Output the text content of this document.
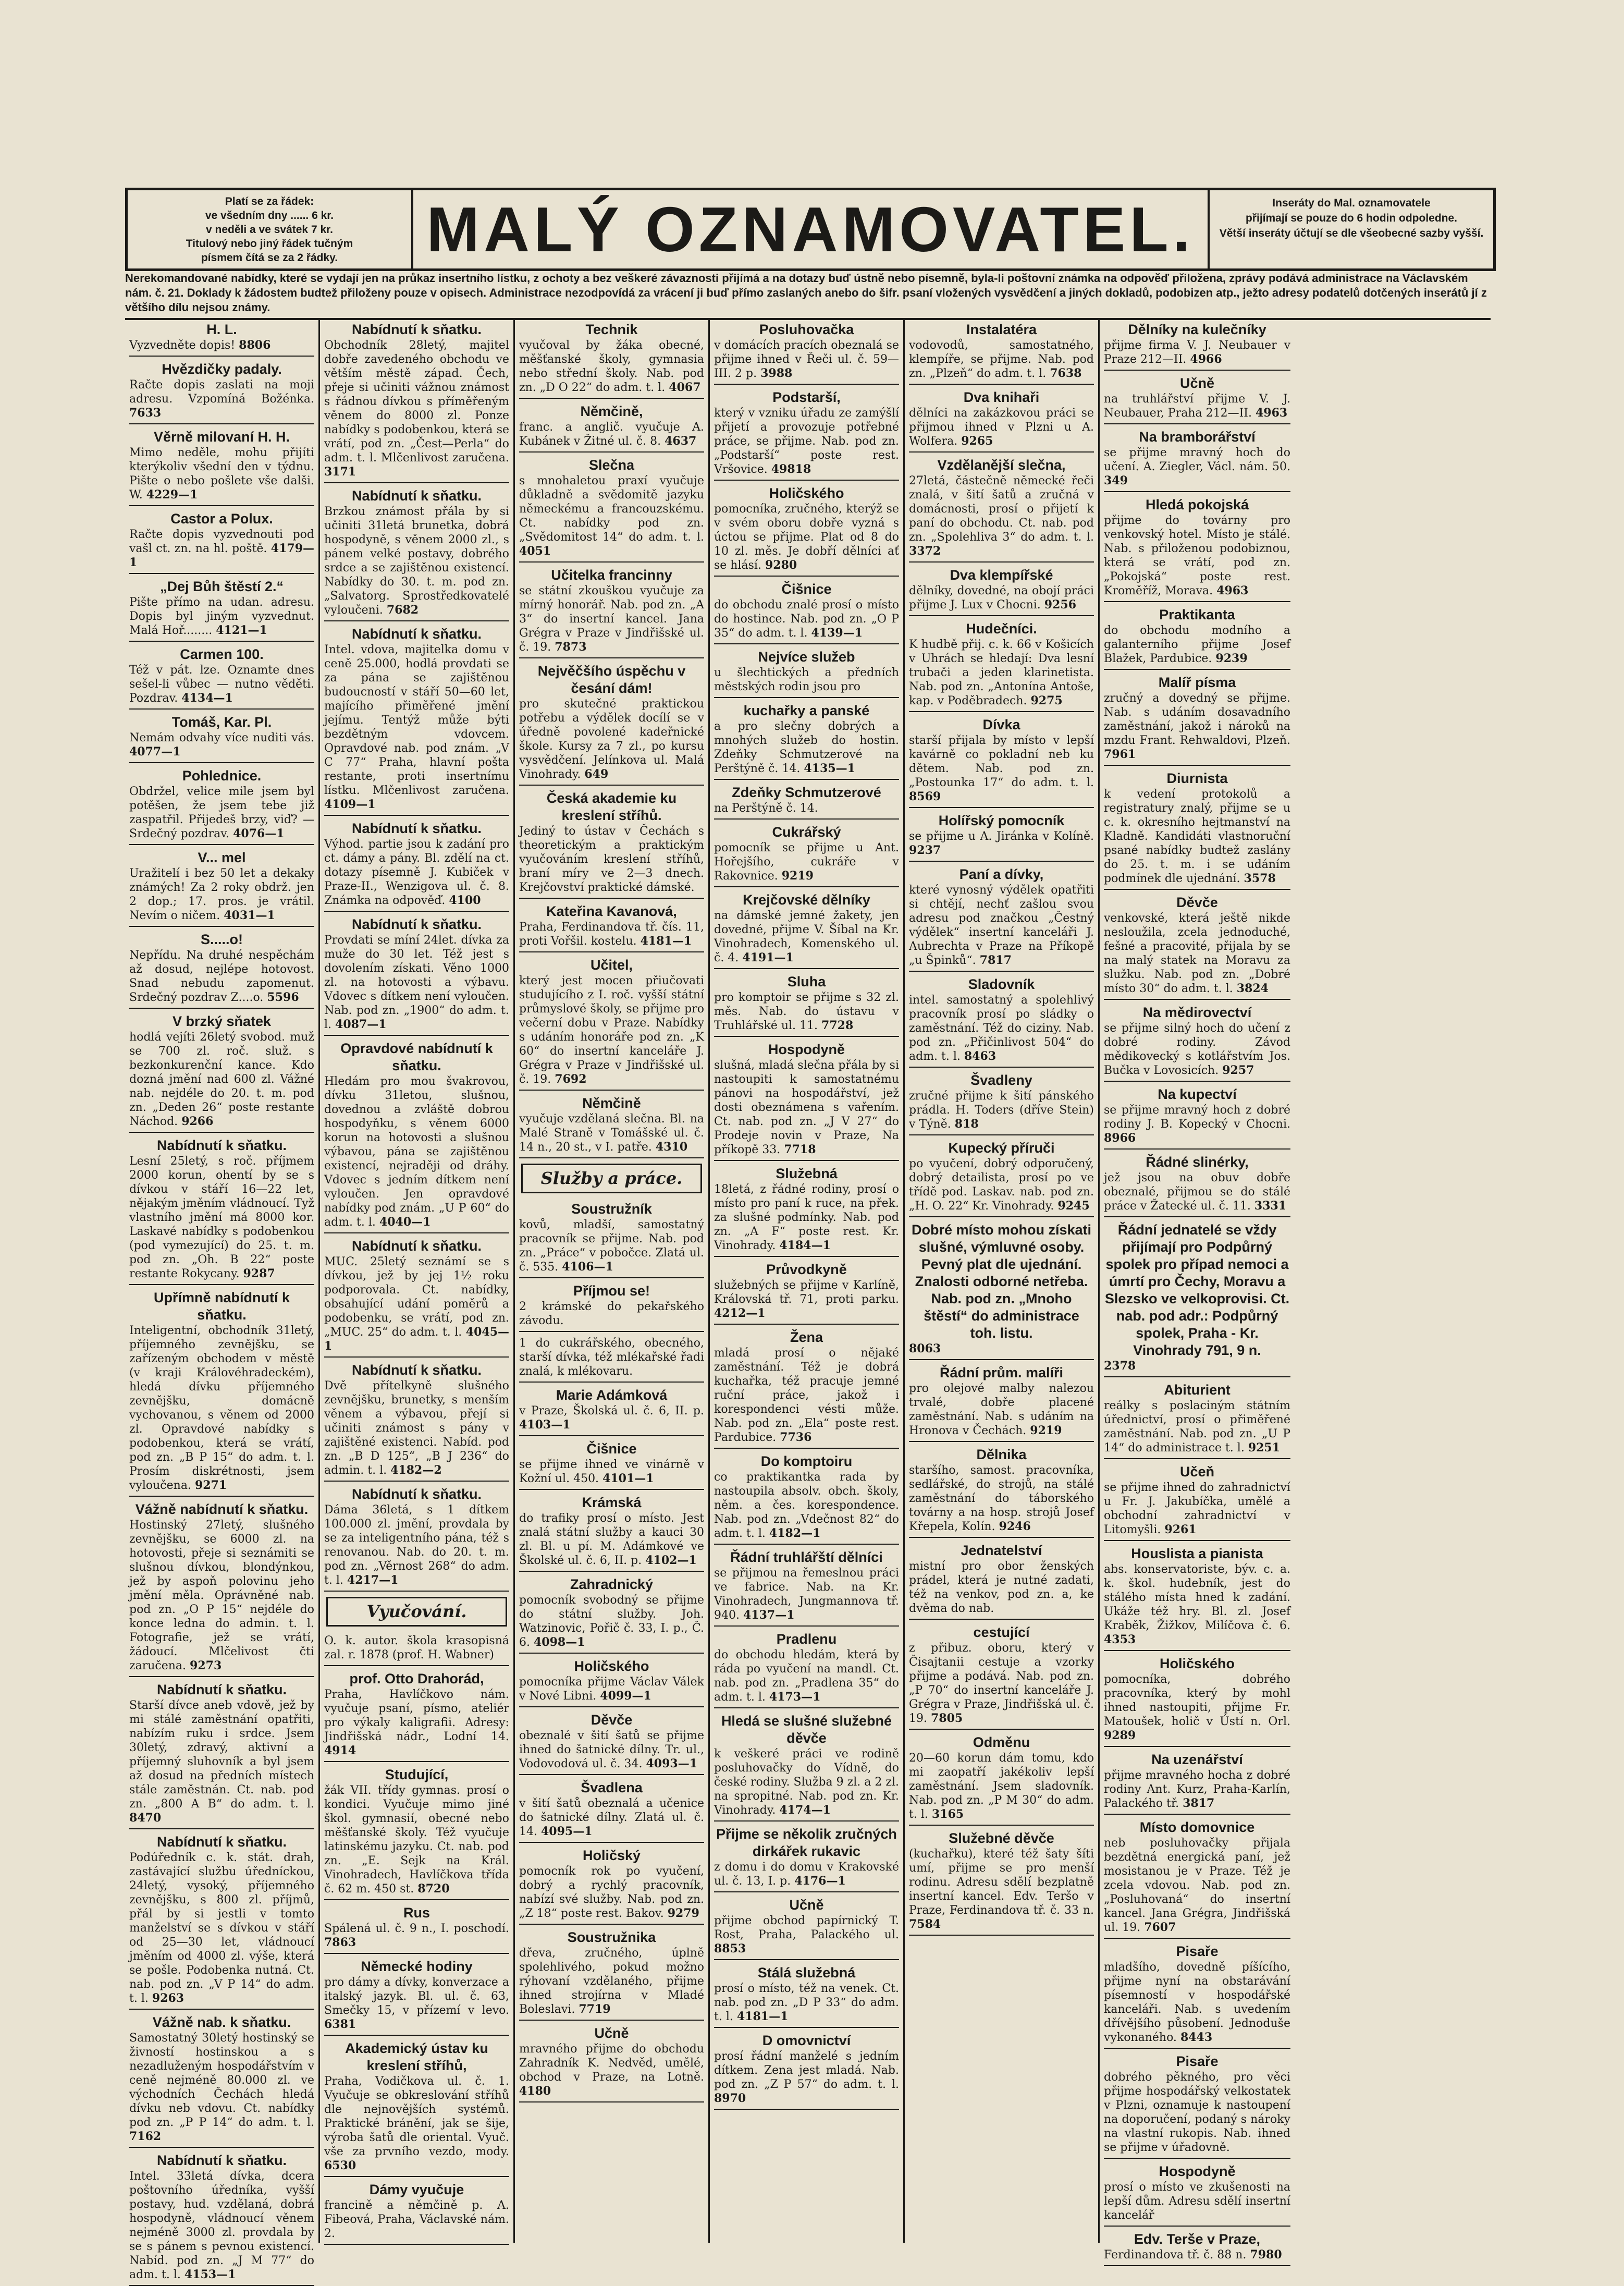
Platí se za řádek:
ve všedním dny ...... 6 kr.
v neděli a ve svátek 7 kr.
Titulový nebo jiný řádek tučným
písmem čítá se za 2 řádky.	MALÝ OZNAMOVATEL.	Inseráty do Mal. oznamovatele
přijímají se pouze do 6 hodin odpoledne.
Větší inseráty účtují se dle všeobecné sazby vyšší.
Nerekomandované nabídky, které se vydají jen na průkaz insertního lístku, z ochoty a bez veškeré závaznosti přijímá a na dotazy buď ústně nebo písemně, byla-li poštovní známka na odpověď přiložena, zprávy podává administrace na Václavském nám. č. 21. Doklady k žádostem budtež přiloženy pouze v opisech. Administrace nezodpovídá za vrácení ji buď přímo zaslaných anebo do šifr. psaní vložených vysvědčení a jiných dokladů, podobizen atp., ježto adresy podatelů dotčených inserátů jí z většího dílu nejsou známy.
H. L.

Vyzvedněte dopis! 8806

Hvězdičky padaly.

Račte dopis zaslati na moji adresu. Vzpomíná Božénka. 7633

Věrně milovaní H. H.

Mimo neděle, mohu přijíti kterýkoliv všední den v týdnu. Pište o nebo pošlete vše dalši. W. 4229—1

Castor a Polux.

Račte dopis vyzvednouti pod vašl ct. zn. na hl. poště. 4179—1

„Dej Bůh štěstí 2.“

Pište přímo na udan. adresu. Dopis byl jiným vyzvednut. Malá Hoř........ 4121—1

Carmen 100.

Též v pát. lze. Oznamte dnes sešel-li vůbec — nutno věděti. Pozdrav. 4134—1

Tomáš, Kar. Pl.

Nemám odvahy více nuditi vás. 4077—1

Pohlednice.

Obdržel, velice mile jsem byl potěšen, že jsem tebe již zaspatřil. Přijedeš brzy, viď? — Srdečný pozdrav. 4076—1

V... mel

Uražitelí i bez 50 let a dekaky známých! Za 2 roky obdrž. jen 2 dop.; 17. pros. je vrátil. Nevím o ničem. 4031—1

S.....o!

Nepřídu. Na druhé nespěchám až dosud, nejlépe hotovost. Snad nebudu zapomenut. Srdečný pozdrav Z....o. 5596

V brzký sňatek

hodlá vejíti 26letý svobod. muž se 700 zl. roč. služ. s bezkonkurenční kance. Kdo dozná jmění nad 600 zl. Vážné nab. nejdéle do 20. t. m. pod zn. „Deden 26“ poste restante Náchod. 9266

Nabídnutí k sňatku.

Lesní 25letý, s roč. příjmem 2000 korun, ohentí by se s dívkou v stáří 16—22 let, nějakým jměním vládnoucí. Tyž vlastního jmění má 8000 kor. Laskavé nabídky s podobenkou (pod vymezující) do 25. t. m. pod zn. „Oh. B 22“ poste restante Rokycany. 9287

Upřímně nabídnutí k sňatku.

Inteligentní, obchodník 31letý, příjemného zevnějšku, se zařízeným obchodem v městě (v kraji Královéhradeckém), hledá dívku příjemného zevnějšku, domácně vychovanou, s věnem od 2000 zl. Opravdové nabídky s podobenkou, která se vrátí, pod zn. „B P 15“ do adm. t. l. Prosím diskrétnosti, jsem vyloučena. 9271

Vážně nabídnutí k sňatku.

Hostinský 27letý, slušného zevnějšku, se 6000 zl. na hotovosti, přeje si seznámiti se slušnou dívkou, blondýnkou, jež by aspoň polovinu jeho jmění měla. Oprávněné nab. pod zn. „O P 15“ nejdéle do konce ledna do admin. t. l. Fotografie, jež se vrátí, žádoucí. Mlčelivost čti zaručena. 9273

Nabídnutí k sňatku.

Starší dívce aneb vdově, jež by mi stálé zaměstnání opatřiti, nabízím ruku i srdce. Jsem 30letý, zdravý, aktivní a příjemný sluhovník a byl jsem až dosud na předních místech stále zaměstnán. Ct. nab. pod zn. „800 A B“ do adm. t. l. 8470

Nabídnutí k sňatku.

Podúředník c. k. stát. drah, zastávající službu úředníckou, 24letý, vysoký, příjemného zevnějšku, s 800 zl. příjmů, přál by si jestli v tomto manželství se s dívkou v stáří od 25—30 let, vládnoucí jměním od 4000 zl. výše, která se pošle. Podobenka nutná. Ct. nab. pod zn. „V P 14“ do adm. t. l. 9263

Vážně nab. k sňatku.

Samostatný 30letý hostinský se živností hostinskou a s nezadluženým hospodářstvím v ceně nejméně 80.000 zl. ve východních Čechách hledá dívku neb vdovu. Ct. nabídky pod zn. „P P 14“ do adm. t. l. 7162

Nabídnutí k sňatku.

Intel. 33letá dívka, dcera poštovního úředníka, vyšší postavy, hud. vzdělaná, dobrá hospodyně, vládnoucí věnem nejméně 3000 zl. provdala by se s pánem s pevnou existencí. Nabíd. pod zn. „J M 77“ do adm. t. l. 4153—1

Nabídnutí k sňatku.

Obchodník 28letý, majitel dobře zavedeného obchodu ve větším městě západ. Čech, přeje si učiniti vážnou známost s řádnou dívkou s příměřeným věnem do 8000 zl. Ponze nabídky s podobenkou, která se vrátí, pod zn. „Čest—Perla“ do adm. t. l. Mlčenlivost zaručena. 3171

Nabídnutí k sňatku.

Brzkou známost přála by si učiniti 31letá brunetka, dobrá hospodyně, s věnem 2000 zl., s pánem velké postavy, dobrého srdce a se zajištěnou existencí. Nabídky do 30. t. m. pod zn. „Salvatorg. Sprostředkovatelé vyloučeni. 7682

Nabídnutí k sňatku.

Intel. vdova, majitelka domu v ceně 25.000, hodlá provdati se za pána se zajištěnou budoucností v stáří 50—60 let, majícího přiměřené jmění jejímu. Tentýž může býti bezdětným vdovcem. Opravdové nab. pod znám. „V C 77“ Praha, hlavní pošta restante, proti insertnímu lístku. Mlčenlivost zaručena. 4109—1

Nabídnutí k sňatku.

Výhod. partie jsou k zadání pro ct. dámy a pány. Bl. zdělí na ct. dotazy písemně J. Kubiček v Praze-II., Wenzigova ul. č. 8. Známka na odpověď. 4100

Nabídnutí k sňatku.

Provdati se míní 24let. dívka za muže do 30 let. Též jest s dovolením získati. Věno 1000 zl. na hotovosti a výbavu. Vdovec s dítkem není vyloučen. Nab. pod zn. „1900“ do adm. t. l. 4087—1

Opravdové nabídnutí k sňatku.

Hledám pro mou švakrovou, dívku 31letou, slušnou, dovednou a zvláště dobrou hospodyňku, s věnem 6000 korun na hotovosti a slušnou výbavou, pána se zajištěnou existencí, nejraději od dráhy. Vdovec s jedním dítkem není vyloučen. Jen opravdové nabídky pod znám. „U P 60“ do adm. t. l. 4040—1

Nabídnutí k sňatku.

MUC. 25letý seznámí se s dívkou, jež by jej 1½ roku podporovala. Ct. nabídky, obsahující udání poměrů a podobenku, se vrátí, pod zn. „MUC. 25“ do adm. t. l. 4045—1

Nabídnutí k sňatku.

Dvě přítelkyně slušného zevnějšku, brunetky, s menším věnem a výbavou, přejí si učiniti známost s pány v zajištěné existenci. Nabíd. pod zn. „B D 125“, „B J 236“ do admin. t. l. 4182—2

Nabídnutí k sňatku.

Dáma 36letá, s 1 dítkem 100.000 zl. jmění, provdala by se za inteligentního pána, též s renovanou. Nab. do 20. t. m. pod zn. „Věrnost 268“ do adm. t. l. 4217—1

Vyučování.

O. k. autor. škola krasopisná zal. r. 1878 (prof. H. Wabner)

prof. Otto Drahorád,

Praha, Havlíčkovo nám. vyučuje psaní, písmo, ateliér pro výkaly kaligrafii. Adresy: Jindřišská nádr., Lodní 14. 4914

Studující,

žák VII. třídy gymnas. prosí o kondici. Vyučuje mimo jiné škol. gymnasií, obecné nebo měšťanské školy. Též vyučuje latinskému jazyku. Ct. nab. pod zn. „E. Sejk na Král. Vinohradech, Havlíčkova třída č. 62 m. 450 st. 8720

Rus

Spálená ul. č. 9 n., I. poschodí. 7863

Německé hodiny

pro dámy a dívky, konverzace a italský jazyk. Bl. ul. č. 63, Smečky 15, v přízemí v levo. 6381

Akademický ústav ku kreslení stříhů,

Praha, Vodičkova ul. č. 1. Vyučuje se obkreslování stříhů dle nejnovějších systémů. Praktické bránění, jak se šije, výroba šatů dle oriental. Vyuč. vše za prvního vezdo, mody. 6530

Dámy vyučuje

francině a němčině p. A. Fibeová, Praha, Václavské nám. 2.

Technik

vyučoval by žáka obecné, měšťanské školy, gymnasia nebo střední školy. Nab. pod zn. „D O 22“ do adm. t. l. 4067

Němčině,

franc. a anglič. vyučuje A. Kubánek v Žitné ul. č. 8. 4637

Slečna

s mnohaletou praxí vyučuje důkladně a svědomitě jazyku německému a francouzskému. Ct. nabídky pod zn. „Svědomitost 14“ do adm. t. l. 4051

Učitelka francinny

se státní zkouškou vyučuje za mírný honorář. Nab. pod zn. „A 3“ do insertní kancel. Jana Grégra v Praze v Jindřišské ul. č. 19. 7873

Nejvěčšího úspěchu v česání dám!

pro skutečné praktickou potřebu a výdělek docílí se v úředně povolené kadeřnické škole. Kursy za 7 zl., po kursu vysvědčení. Jelínkova ul. Malá Vinohrady. 649

Česká akademie ku kreslení stříhů.

Jediný to ústav v Čechách s theoretickým a praktickým vyučováním kreslení stříhů, braní míry ve 2—3 dnech. Krejčovství praktické dámské.

Kateřina Kavanová,

Praha, Ferdinandova tř. čís. 11, proti Vořšil. kostelu. 4181—1

Učitel,

který jest mocen přiučovati studujícího z I. roč. vyšší státní průmyslové školy, se přijme pro večerní dobu v Praze. Nabídky s udáním honoráře pod zn. „K 60“ do insertní kanceláře J. Grégra v Praze v Jindřišské ul. č. 19. 7692

Němčině

vyučuje vzdělaná slečna. Bl. na Malé Straně v Tomášské ul. č. 14 n., 20 st., v I. patře. 4310

Služby a práce.
Soustružník

kovů, mladší, samostatný pracovník se přijme. Nab. pod zn. „Práce“ v pobočce. Zlatá ul. č. 535. 4106—1

Příjmou se!

2 krámské do pekařského závodu.

1 do cukrářského, obecného, starší dívka, též mlékařské řadi znalá, k mlékovaru.

Marie Adámková

v Praze, Školská ul. č. 6, II. p. 4103—1

Čišnice

se přijme ihned ve vinárně v Kožní ul. 450. 4101—1

Krámská

do trafiky prosí o místo. Jest znalá státní služby a kauci 30 zl. Bl. u pí. M. Adámkové ve Školské ul. č. 6, II. p. 4102—1

Zahradnický

pomocník svobodný se přijme do státní služby. Joh. Watzinovic, Pořič č. 33, I. p., Č. 6. 4098—1

Holičského

pomocníka přijme Václav Válek v Nové Libni. 4099—1

Děvče

obeznalé v šití šatů se přijme ihned do šatnické dílny. Tr. ul., Vodovodová ul. č. 34. 4093—1

Švadlena

v šití šatů obeznalá a učenice do šatnické dílny. Zlatá ul. č. 14. 4095—1

Holičský

pomocník rok po vyučení, dobrý a rychlý pracovník, nabízí své služby. Nab. pod zn. „Z 18“ poste rest. Bakov. 9279

Soustružnika

dřeva, zručného, úplně spolehlivého, pokud možno rýhovaní vzdělaného, přijme ihned strojírna v Mladé Boleslavi. 7719

Učně

mravného přijme do obchodu Zahradník K. Nedvěd, umělé, obchod v Praze, na Lotně. 4180

Posluhovačka

v domácích pracích obeznalá se přijme ihned v Řeči ul. č. 59—III. 2 p. 3988

Podstarší,

který v vzniku úřadu ze zamýšlí přijetí a provozuje potřebné práce, se přijme. Nab. pod zn. „Podstarší“ poste rest. Vršovice. 49818

Holičského

pomocníka, zručného, kterýž se v svém oboru dobře vyzná s úctou se přijme. Plat od 8 do 10 zl. měs. Je dobří dělníci ať se hlásí. 9280

Čišnice

do obchodu znalé prosí o místo do hostince. Nab. pod zn. „O P 35“ do adm. t. l. 4139—1

Nejvíce služeb

u šlechtických a předních městských rodin jsou pro

kuchařky a panské

a pro slečny dobrých a mnohých služeb do hostin. Zdeňky Schmutzerové na Perštýně č. 14. 4135—1

Zdeňky Schmutzerové

na Perštýně č. 14.

Cukrářský

pomocník se přijme u Ant. Hořejšího, cukráře v Rakovnice. 9219

Krejčovské dělníky

na dámské jemné žakety, jen dovedné, přijme V. Šíbal na Kr. Vinohradech, Komenského ul. č. 4. 4191—1

Sluha

pro komptoir se přijme s 32 zl. měs. Nab. do ústavu v Truhlářské ul. 11. 7728

Hospodyně

slušná, mladá slečna přála by si nastoupiti k samostatnému pánovi na hospodářství, jež dosti obeznámena s vařením. Ct. nab. pod zn. „J V 27“ do Prodeje novin v Praze, Na příkopě 33. 7718

Služebná

18letá, z řádné rodiny, prosí o místo pro paní k ruce, na přek. za slušné podmínky. Nab. pod zn. „A F“ poste rest. Kr. Vinohrady. 4184—1

Průvodkyně

služebných se přijme v Karlíně, Královská tř. 71, proti parku. 4212—1

Žena

mladá prosí o nějaké zaměstnání. Též je dobrá kuchařka, též pracuje jemné ruční práce, jakož i korespondenci vésti může. Nab. pod zn. „Ela“ poste rest. Pardubice. 7736

Do komptoiru

co praktikantka rada by nastoupila absolv. obch. školy, něm. a čes. korespondence. Nab. pod zn. „Vdečnost 82“ do adm. t. l. 4182—1

Řádní truhlářští dělníci

se přijmou na řemeslnou práci ve fabrice. Nab. na Kr. Vinohradech, Jungmannova tř. 940. 4137—1

Pradlenu

do obchodu hledám, která by ráda po vyučení na mandl. Ct. nab. pod zn. „Pradlena 35“ do adm. t. l. 4173—1

Hledá se slušné služebné děvče

k veškeré práci ve rodině posluhovačky do Vídně, do české rodiny. Služba 9 zl. a 2 zl. na spropitné. Nab. pod zn. Kr. Vinohrady. 4174—1

Přijme se několik zručných dirkářek rukavic

z domu i do domu v Krakovské ul. č. 13, I. p. 4176—1

Učně

přijme obchod papírnický T. Rost, Praha, Palackého ul. 8853

Stálá služebná

prosí o místo, též na venek. Ct. nab. pod zn. „D P 33“ do adm. t. l. 4181—1

D omovnictví

prosí řádní manželé s jedním dítkem. Zena jest mladá. Nab. pod zn. „Z P 57“ do adm. t. l. 8970

Instalatéra

vodovodů, samostatného, klempíře, se přijme. Nab. pod zn. „Plzeň“ do adm. t. l. 7638

Dva knihaři

dělníci na zakázkovou práci se přijmou ihned v Plzni u A. Wolfera. 9265

Vzdělanější slečna,

27letá, částečně německé řeči znalá, v šití šatů a zručná v domácnosti, prosí o přijetí k paní do obchodu. Ct. nab. pod zn. „Spolehliva 3“ do adm. t. l. 3372

Dva klempířské

dělníky, dovedné, na obojí práci přijme J. Lux v Chocni. 9256

Hudečníci.

K hudbě přij. c. k. 66 v Košicích v Uhrách se hledají: Dva lesní trubači a jeden klarinetista. Nab. pod zn. „Antonína Antoše, kap. v Poděbradech. 9275

Dívka

starší přijala by místo v lepší kavárně co pokladní neb ku dětem. Nab. pod zn. „Postounka 17“ do adm. t. l. 8569

Holířský pomocník

se přijme u A. Jiránka v Kolíně. 9237

Paní a dívky,

které vynosný výdělek opatřiti si chtějí, nechť zašlou svou adresu pod značkou „Čestný výdělek“ insertní kanceláři J. Aubrechta v Praze na Příkopě „u Špinků“. 7817

Sladovník

intel. samostatný a spolehlivý pracovník prosí po sládky o zaměstnání. Též do ciziny. Nab. pod zn. „Přičinlivost 504“ do adm. t. l. 8463

Švadleny

zručné přijme k šití pánského prádla. H. Toders (dříve Stein) v Týně. 818

Kupecký příruči

po vyučení, dobrý odporučený, dobrý detailista, prosí po ve třídě pod. Laskav. nab. pod zn. „H. O. 22“ Kr. Vinohrady. 9245

Dobré místo mohou získati slušné, výmluvné osoby. Pevný plat dle ujednání. Znalosti odborné netřeba. Nab. pod zn. „Mnoho štěstí“ do administrace toh. listu.

8063

Řádní prům. malíři

pro olejové malby nalezou trvalé, dobře placené zaměstnání. Nab. s udáním na Hronova v Čechách. 9219

Dělnika

staršího, samost. pracovníka, sedlářské, do strojů, na stálé zaměstnání do táborského továrny a na hosp. strojů Josef Křepela, Kolín. 9246

Jednatelství

mistní pro obor ženských prádel, která je nutné zadati, též na venkov, pod zn. a, ke dvěma do nab.

cestující

z přibuz. oboru, který v Čisajtanii cestuje a vzorky přijme a podává. Nab. pod zn. „P 70“ do insertní kanceláře J. Grégra v Praze, Jindřišská ul. č. 19. 7805

Odměnu

20—60 korun dám tomu, kdo mi zaopatří jakékoliv lepší zaměstnání. Jsem sladovník. Nab. pod zn. „P M 30“ do adm. t. l. 3165

Služebné děvče

(kuchařku), které též šaty šíti umí, přijme se pro menší rodinu. Adresu sdělí bezplatně insertní kancel. Edv. Teršo v Praze, Ferdinandova tř. č. 33 n. 7584

Dělníky na kulečníky

přijme firma V. J. Neubauer v Praze 212—II. 4966

Učně

na truhlářství přijme V. J. Neubauer, Praha 212—II. 4963

Na bramborářství

se přijme mravný hoch do učení. A. Ziegler, Václ. nám. 50. 349

Hledá pokojská

přijme do továrny pro venkovský hotel. Místo je stálé. Nab. s přiloženou podobiznou, která se vrátí, pod zn. „Pokojská“ poste rest. Kroměříž, Morava. 4963

Praktikanta

do obchodu modního a galanterního přijme Josef Blažek, Pardubice. 9239

Malíř písma

zručný a dovedný se přijme. Nab. s udáním dosavadního zaměstnání, jakož i nároků na mzdu Frant. Rehwaldovi, Plzeň. 7961

Diurnista

k vedení protokolů a registratury znalý, přijme se u c. k. okresního hejtmanství na Kladně. Kandidáti vlastnoruční psané nabídky budtež zaslány do 25. t. m. i se udáním podmínek dle ujednání. 3578

Děvče

venkovské, která ještě nikde nesloužila, zcela jednoduché, fešné a pracovité, přijala by se na malý statek na Moravu za služku. Nab. pod zn. „Dobré místo 30“ do adm. t. l. 3824

Na mědirovectví

se přijme silný hoch do učení z dobré rodiny. Závod mědikovecký s kotlářstvím Jos. Bučka v Lovosicích. 9257

Na kupectví

se přijme mravný hoch z dobré rodiny J. B. Kopecký v Chocni. 8966

Řádné slinérky,

jež jsou na obuv dobře obeznalé, přijmou se do stálé práce v Žatecké ul. č. 11. 3331

Řádní jednatelé se vždy přijímají pro Podpůrný spolek pro případ nemoci a úmrtí pro Čechy, Moravu a Slezsko ve velkoprovisi. Ct. nab. pod adr.: Podpůrný spolek, Praha - Kr. Vinohrady 791, 9 n.

2378

Abiturient

reálky s poslaciným státním úřednictví, prosí o přiměřené zaměstnání. Nab. pod zn. „U P 14“ do administrace t. l. 9251

Učeň

se přijme ihned do zahradnictví u Fr. J. Jakubíčka, umělé a obchodní zahradnictví v Litomyšli. 9261

Houslista a pianista

abs. konservatoriste, býv. c. a. k. škol. hudebník, jest do stálého místa hned k zadání. Ukáže též hry. Bl. zl. Josef Kraběk, Žižkov, Milíčova č. 6. 4353

Holičského

pomocníka, dobrého pracovníka, který by mohl ihned nastoupiti, přijme Fr. Matoušek, holič v Ústí n. Orl. 9289

Na uzenářství

přijme mravného hocha z dobré rodiny Ant. Kurz, Praha-Karlín, Palackého tř. 3817

Místo domovnice

neb posluhovačky přijala bezdětná energická paní, jež mosistanou je v Praze. Též je zcela vdovou. Nab. pod zn. „Posluhovaná“ do insertní kancel. Jana Grégra, Jindřišská ul. 19. 7607

Pisaře

mladšího, dovedně píšícího, přijme nyní na obstarávání písemností v hospodářské kanceláři. Nab. s uvedením dřívějšího působení. Jednoduše vykonaného. 8443

Pisaře

dobrého pěkného, pro věci přijme hospodářský velkostatek v Plzni, oznamuje k nastoupení na doporučení, podaný s nároky na vlastní rukopis. Nab. ihned se přijme v úřadovně.

Hospodyně

prosí o místo ve zkušenosti na lepší dům. Adresu sdělí insertní kancelář

Edv. Terše v Praze,

Ferdinandova tř. č. 88 n. 7980
